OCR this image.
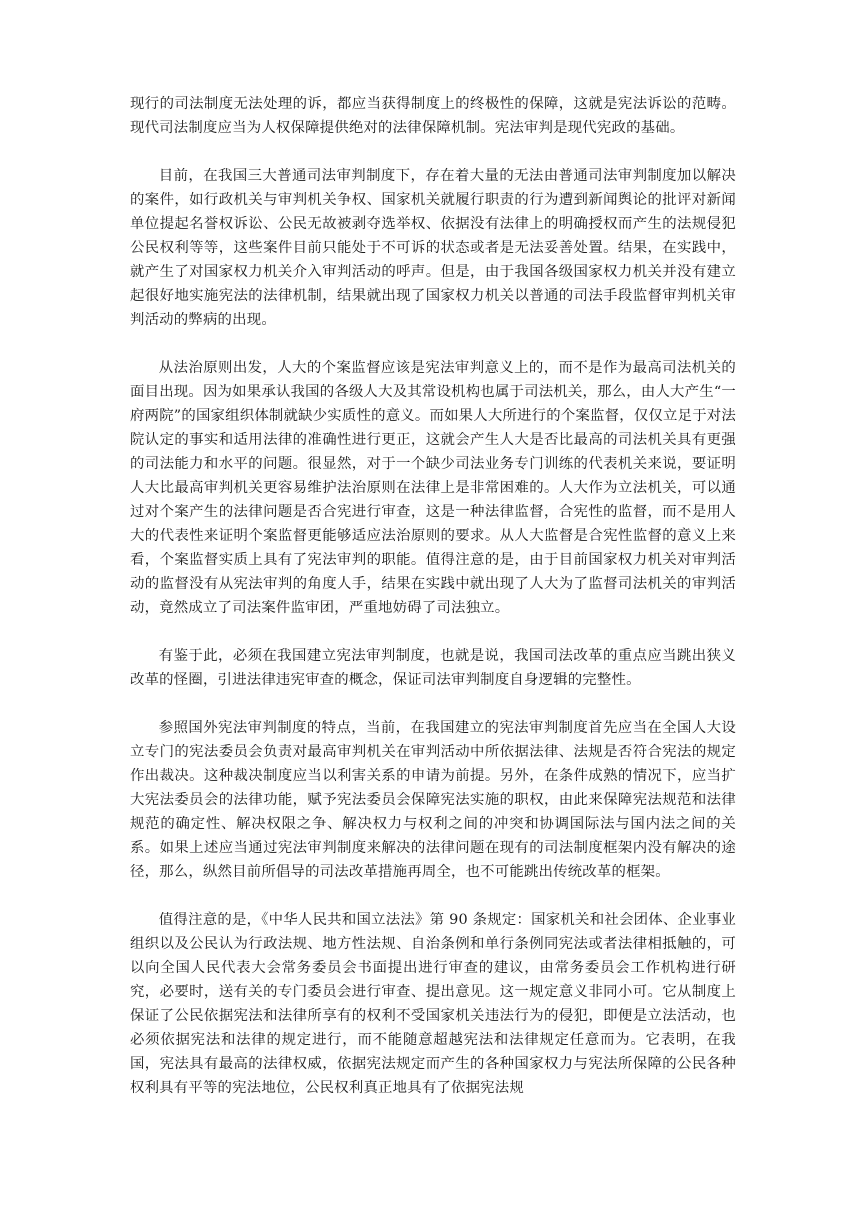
现行的司法制度无法处理的诉，都应当获得制度上的终极性的保障，这就是宪法诉讼的范畴。现代司法制度应当为人权保障提供绝对的法律保障机制。宪法审判是现代宪政的基础。

目前，在我国三大普通司法审判制度下，存在着大量的无法由普通司法审判制度加以解决的案件，如行政机关与审判机关争权、国家机关就履行职责的行为遭到新闻舆论的批评对新闻单位提起名誉权诉讼、公民无故被剥夺选举权、依据没有法律上的明确授权而产生的法规侵犯公民权利等等，这些案件目前只能处于不可诉的状态或者是无法妥善处置。结果，在实践中，就产生了对国家权力机关介入审判活动的呼声。但是，由于我国各级国家权力机关并没有建立起很好地实施宪法的法律机制，结果就出现了国家权力机关以普通的司法手段监督审判机关审判活动的弊病的出现。

从法治原则出发，人大的个案监督应该是宪法审判意义上的，而不是作为最高司法机关的面目出现。因为如果承认我国的各级人大及其常设机构也属于司法机关，那么，由人大产生“一府两院”的国家组织体制就缺少实质性的意义。而如果人大所进行的个案监督，仅仅立足于对法院认定的事实和适用法律的准确性进行更正，这就会产生人大是否比最高的司法机关具有更强的司法能力和水平的问题。很显然，对于一个缺少司法业务专门训练的代表机关来说，要证明人大比最高审判机关更容易维护法治原则在法律上是非常困难的。人大作为立法机关，可以通过对个案产生的法律问题是否合宪进行审查，这是一种法律监督，合宪性的监督，而不是用人大的代表性来证明个案监督更能够适应法治原则的要求。从人大监督是合宪性监督的意义上来看，个案监督实质上具有了宪法审判的职能。值得注意的是，由于目前国家权力机关对审判活动的监督没有从宪法审判的角度人手，结果在实践中就出现了人大为了监督司法机关的审判活动，竟然成立了司法案件监审团，严重地妨碍了司法独立。

有鉴于此，必须在我国建立宪法审判制度，也就是说，我国司法改革的重点应当跳出狭义改革的怪圈，引进法律违宪审查的概念，保证司法审判制度自身逻辑的完整性。

参照国外宪法审判制度的特点，当前，在我国建立的宪法审判制度首先应当在全国人大设立专门的宪法委员会负责对最高审判机关在审判活动中所依据法律、法规是否符合宪法的规定作出裁决。这种裁决制度应当以利害关系的申请为前提。另外，在条件成熟的情况下，应当扩大宪法委员会的法律功能，赋予宪法委员会保障宪法实施的职权，由此来保障宪法规范和法律规范的确定性、解决权限之争、解决权力与权利之间的冲突和协调国际法与国内法之间的关系。如果上述应当通过宪法审判制度来解决的法律问题在现有的司法制度框架内没有解决的途径，那么，纵然目前所倡导的司法改革措施再周全，也不可能跳出传统改革的框架。

值得注意的是，《中华人民共和国立法法》第 90 条规定：国家机关和社会团体、企业事业组织以及公民认为行政法规、地方性法规、自治条例和单行条例同宪法或者法律相抵触的，可以向全国人民代表大会常务委员会书面提出进行审查的建议，由常务委员会工作机构进行研究，必要时，送有关的专门委员会进行审查、提出意见。这一规定意义非同小可。它从制度上保证了公民依据宪法和法律所享有的权利不受国家机关违法行为的侵犯，即便是立法活动，也必须依据宪法和法律的规定进行，而不能随意超越宪法和法律规定任意而为。它表明，在我国，宪法具有最高的法律权威，依据宪法规定而产生的各种国家权力与宪法所保障的公民各种权利具有平等的宪法地位，公民权利真正地具有了依据宪法规
